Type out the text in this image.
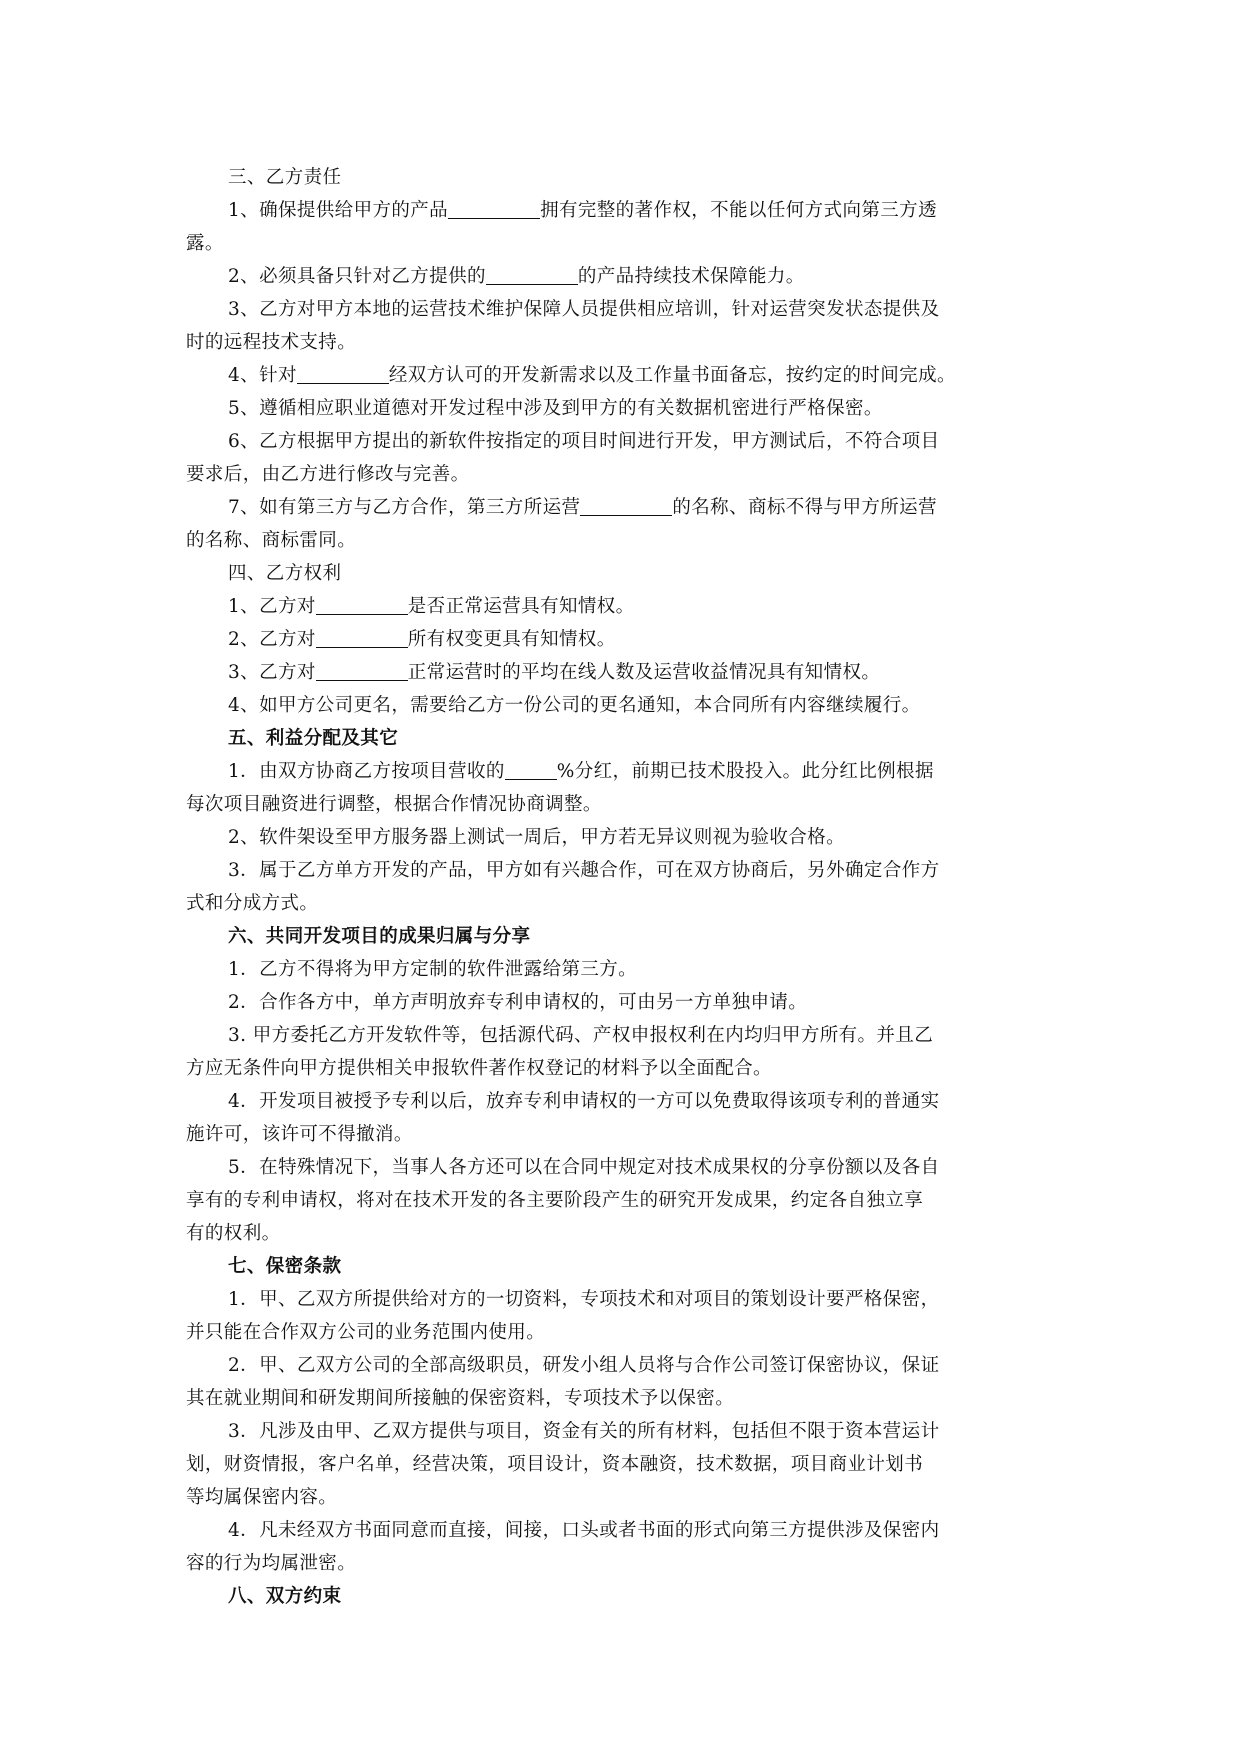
三、乙方责任

1、确保提供给甲方的产品	拥有完整的著作权，不能以任何方式向第三方透
露。

2、必须具备只针对乙方提供的	的产品持续技术保障能力。

3、乙方对甲方本地的运营技术维护保障人员提供相应培训，针对运营突发状态提供及
时的远程技术支持。

4、针对	经双方认可的开发新需求以及工作量书面备忘，按约定的时间完成。

5、遵循相应职业道德对开发过程中涉及到甲方的有关数据机密进行严格保密。

6、乙方根据甲方提出的新软件按指定的项目时间进行开发，甲方测试后，不符合项目
要求后，由乙方进行修改与完善。

7、如有第三方与乙方合作，第三方所运营	的名称、商标不得与甲方所运营
的名称、商标雷同。

四、乙方权利

1、乙方对	是否正常运营具有知情权。

2、乙方对	所有权变更具有知情权。

3、乙方对	正常运营时的平均在线人数及运营收益情况具有知情权。

4、如甲方公司更名，需要给乙方一份公司的更名通知，本合同所有内容继续履行。

五、利益分配及其它

1．由双方协商乙方按项目营收的	%分红，前期已技术股投入。此分红比例根据
每次项目融资进行调整，根据合作情况协商调整。

2、软件架设至甲方服务器上测试一周后，甲方若无异议则视为验收合格。

3．属于乙方单方开发的产品，甲方如有兴趣合作，可在双方协商后，另外确定合作方
式和分成方式。

六、共同开发项目的成果归属与分享

1．乙方不得将为甲方定制的软件泄露给第三方。

2．合作各方中，单方声明放弃专利申请权的，可由另一方单独申请。

3. 甲方委托乙方开发软件等，包括源代码、产权申报权利在内均归甲方所有。并且乙
方应无条件向甲方提供相关申报软件著作权登记的材料予以全面配合。

4．开发项目被授予专利以后，放弃专利申请权的一方可以免费取得该项专利的普通实
施许可，该许可不得撤消。

5．在特殊情况下，当事人各方还可以在合同中规定对技术成果权的分享份额以及各自
享有的专利申请权，将对在技术开发的各主要阶段产生的研究开发成果，约定各自独立享
有的权利。

七、保密条款

1．甲、乙双方所提供给对方的一切资料，专项技术和对项目的策划设计要严格保密，
并只能在合作双方公司的业务范围内使用。

2．甲、乙双方公司的全部高级职员，研发小组人员将与合作公司签订保密协议，保证
其在就业期间和研发期间所接触的保密资料，专项技术予以保密。

3．凡涉及由甲、乙双方提供与项目，资金有关的所有材料，包括但不限于资本营运计
划，财资情报，客户名单，经营决策，项目设计，资本融资，技术数据，项目商业计划书
等均属保密内容。

4．凡未经双方书面同意而直接，间接，口头或者书面的形式向第三方提供涉及保密内
容的行为均属泄密。

八、双方约束
